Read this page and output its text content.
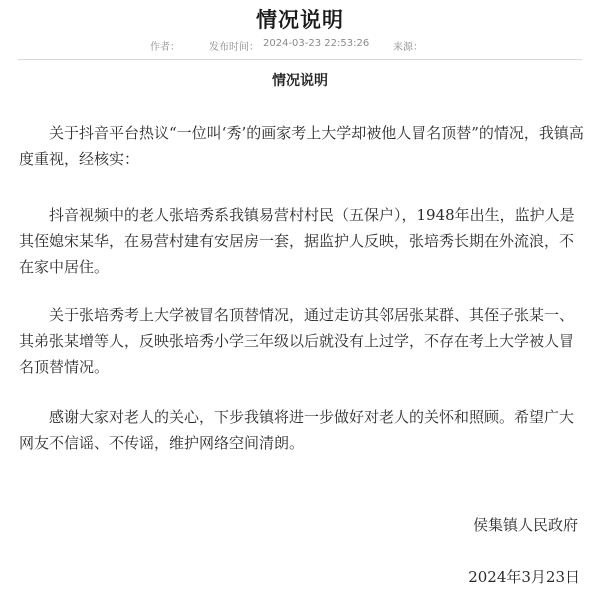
情况说明
作者：	发布时间： 2024-03-23 22:53:26 来源：
情况说明

关于抖音平台热议“一位叫‘秀’的画家考上大学却被他人冒名顶替”的情况，我镇高度重视，经核实：

抖音视频中的老人张培秀系我镇易营村村民（五保户），1948年出生，监护人是其侄媳宋某华，在易营村建有安居房一套，据监护人反映，张培秀长期在外流浪，不在家中居住。

关于张培秀考上大学被冒名顶替情况，通过走访其邻居张某群、其侄子张某一、其弟张某增等人，反映张培秀小学三年级以后就没有上过学，不存在考上大学被人冒名顶替情况。

感谢大家对老人的关心，下步我镇将进一步做好对老人的关怀和照顾。希望广大网友不信谣、不传谣，维护网络空间清朗。

侯集镇人民政府
2024年3月23日
